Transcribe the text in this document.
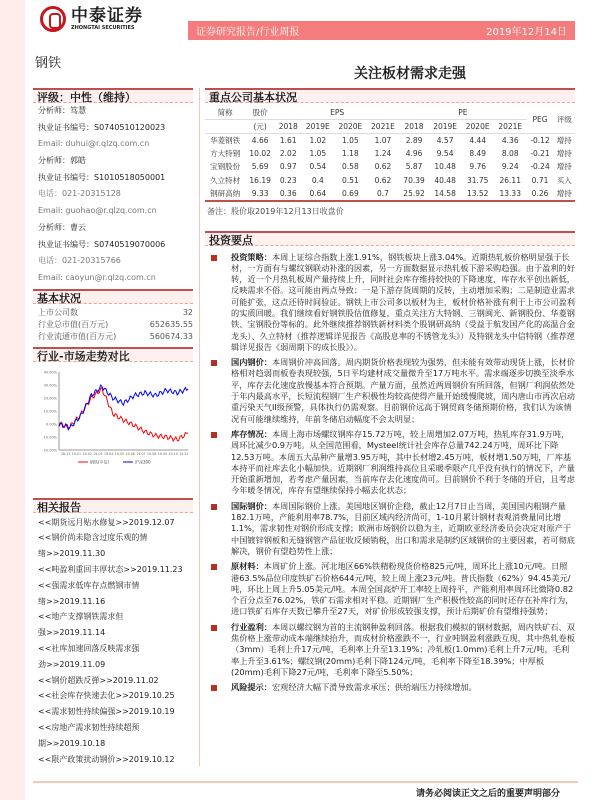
中泰证券
ZHONGTAI SECURITIES	证券研究报告/行业周报	2019年12月14日
钢铁
关注板材需求走强
评级：中性（维持）
分析师：笃慧
执业证书编号：S0740510120023
Email: duhui@r.qlzq.com.cn
分析师：郭皓
执业证书编号：S1010518050001
电话：021-20315128
Email: guohao@r.qlzq.com.cn
分析师：曹云
执业证书编号：S0740519070006
电话：021-20315766
Email: caoyun@r.qlzq.com.cn
基本状况
上市公司数	32
行业总市值(百万元)	652635.55
行业流通市值(百万元)	560674.33
行业-市场走势对比
40.00%
30.00%
20.00%
10.00%
0.00%
-10.00%
-20.00%
18-12 19-01 19-02 19-03 19-04 19-05 19-06 19-07 19-08 19-09 19-10 19-11
钢铁(中信)	沪深300
相关报告
<<期货远月贴水修复>>2019.12.07
<<钢价尚未隐含过度乐观的情
绪>>2019.11.30
<<吨盈利重回丰厚状态>>2019.11.23
<<强需求低库存点燃钢市情
绪>>2019.11.16
<<地产支撑钢铁需求但
强>>2019.11.14
<<社库加速回落反映需求强
劲>>2019.11.09
<<钢价超跌反弹>>2019.11.02
<<社会库存快速去化>>2019.10.25
<<需求韧性持续偏强>>2019.10.19
<<房地产需求韧性持续超预
期>>2019.10.18
<<限产政策扰动钢价>>2019.10.12
重点公司基本状况
简称	股价	EPS				PE				PEG	评级
	(元)	2018	2019E	2020E	2021E	2018	2019E	2020E	2021E		
华菱钢铁	4.66	1.61	1.02	1.05	1.07	2.89	4.57	4.44	4.36	-0.12	增持
方大特钢	10.02	2.02	1.05	1.18	1.24	4.96	9.54	8.49	8.08	-0.21	增持
宝钢股份	5.69	0.97	0.54	0.58	0.62	5.87	10.48	9.76	9.24	-0.24	增持
久立特材	16.19	0.23	0.4	0.51	0.62	70.39	40.48	31.75	26.11	0.71	买入
钢研高纳	9.33	0.36	0.64	0.69	0.7	25.92	14.58	13.52	13.33	0.26	增持
备注：股价取2019年12月13日收盘价
投资要点
投资策略：本周上证综合指数上涨1.91%，钢铁板块上涨3.04%。近期热轧板价格明显强于长材，一方面有与螺纹钢联动补涨的因素，另一方面数据显示热轧板下游采购趋强。由于盈利的好转，近一个月热轧板周产量持续上升，同时社会库存维持较快的下降速度，库存水平创出新低，反映需求不俗。这可能由两点导致：一是下游存货周期的反转，主动增加采购；二是制造业需求可能扩张，这点还待时间验证。钢铁上市公司多以板材为主，板材价格补涨有利于上市公司盈利的实质回暖。我们继续看好钢铁股估值修复，重点关注方大特钢、三钢闽光、新钢股份、华菱钢铁、宝钢股份等标的。此外继续推荐钢铁新材料类个股钢研高纳（受益于航发国产化的高温合金龙头）、久立特材（推荐逻辑详见报告《高股息率的不锈管龙头》）及特钢龙头中信特钢（推荐逻辑详见报告《弱周期下的成长股》）。
国内钢价：本周钢价冲高回落。周内期货价格表现较为强势，但未能有效带动现货上涨，长材价格相对趋弱而板卷表现较强，5日平均建材成交量微升至17万吨水平。需求端逐步切换至淡季水平，库存去化速度放慢基本符合预期。产量方面，虽然近两周钢价有所回落，但钢厂利润依然处于年内最高水平，长短流程钢厂生产积极性均较高使得产量开始缓慢爬坡，周内唐山市再次启动重污染天气II级预警，具体执行仍需观察。目前钢价远高于钢贸商冬储预期价格，我们认为该情况有可能继续维持，年前冬储启动幅度不会太明显；
库存情况：本周上海市场螺纹钢库存15.72万吨，较上周增加2.07万吨，热轧库存31.9万吨，周环比减少0.9万吨。从全国范围看，Mysteel统计社会库存总量742.24万吨，周环比下降12.53万吨。本周五大品种产量增3.95万吨，其中长材增2.45万吨，板材增1.50万吨，厂库基本持平而社库去化小幅加快。近期钢厂利润维持高位且采暖季限产几乎没有执行的情况下，产量开始重新增加，若考虑产量因素，当前库存去化速度尚可。目前钢价不利于冬储的开启，且考虑今年暖冬情况，库存有望继续保持小幅去化状态；
国际钢价：本周国际钢价上涨。美国地区钢价企稳，截止12月7日止当周，美国国内粗钢产量182.1万吨，产能利用率78.7%，目前区域内经济尚可，1-10月累计钢材表观消费量同比增1.1%，需求韧性对钢价形成支撑；欧洲市场钢价以稳为主，近期欧亚经济委员会决定对原产于中国镀锌钢板和无缝钢管产品征收反倾销税，出口和需求是制约区域钢价的主要因素，若可彻底解决，钢价有望趋势性上涨；
原材料：本周矿价上涨。河北地区66%铁精粉现货价格825元/吨，周环比上涨10元/吨。日照港63.5%品位印度铁矿石价格644元/吨，较上周上涨23元/吨。普氏指数（62%）94.45美元/吨，环比上周上升5.05美元/吨。本周全国高炉开工率较上周持平，产能利用率周环比微降0.82个百分点至76.02%，铁矿石需求相对平稳。近期钢厂生产积极性较高的同时还存在补库行为，进口铁矿石库存天数已攀升至27天，对矿价形成较强支撑，预计后期矿价有望维持强势；
行业盈利：本周以螺纹钢为首的主流钢种盈利回落。根据我们模拟的钢材数据，周内铁矿石、双焦价格上涨带动成本端继续抬升，而成材价格涨跌不一，行业吨钢盈利涨跌互现，其中热轧卷板（3mm）毛利上升17元/吨，毛利率上升至13.19%；冷轧板(1.0mm)毛利上升7元/吨，毛利率上升至3.61%；螺纹钢(20mm)毛利下降124元/吨，毛利率下降至18.39%；中厚板(20mm)毛利下降27元/吨，毛利率下降至5.50%；
风险提示：宏观经济大幅下滑导致需求承压；供给端压力持续增加。
请务必阅读正文之后的重要声明部分
